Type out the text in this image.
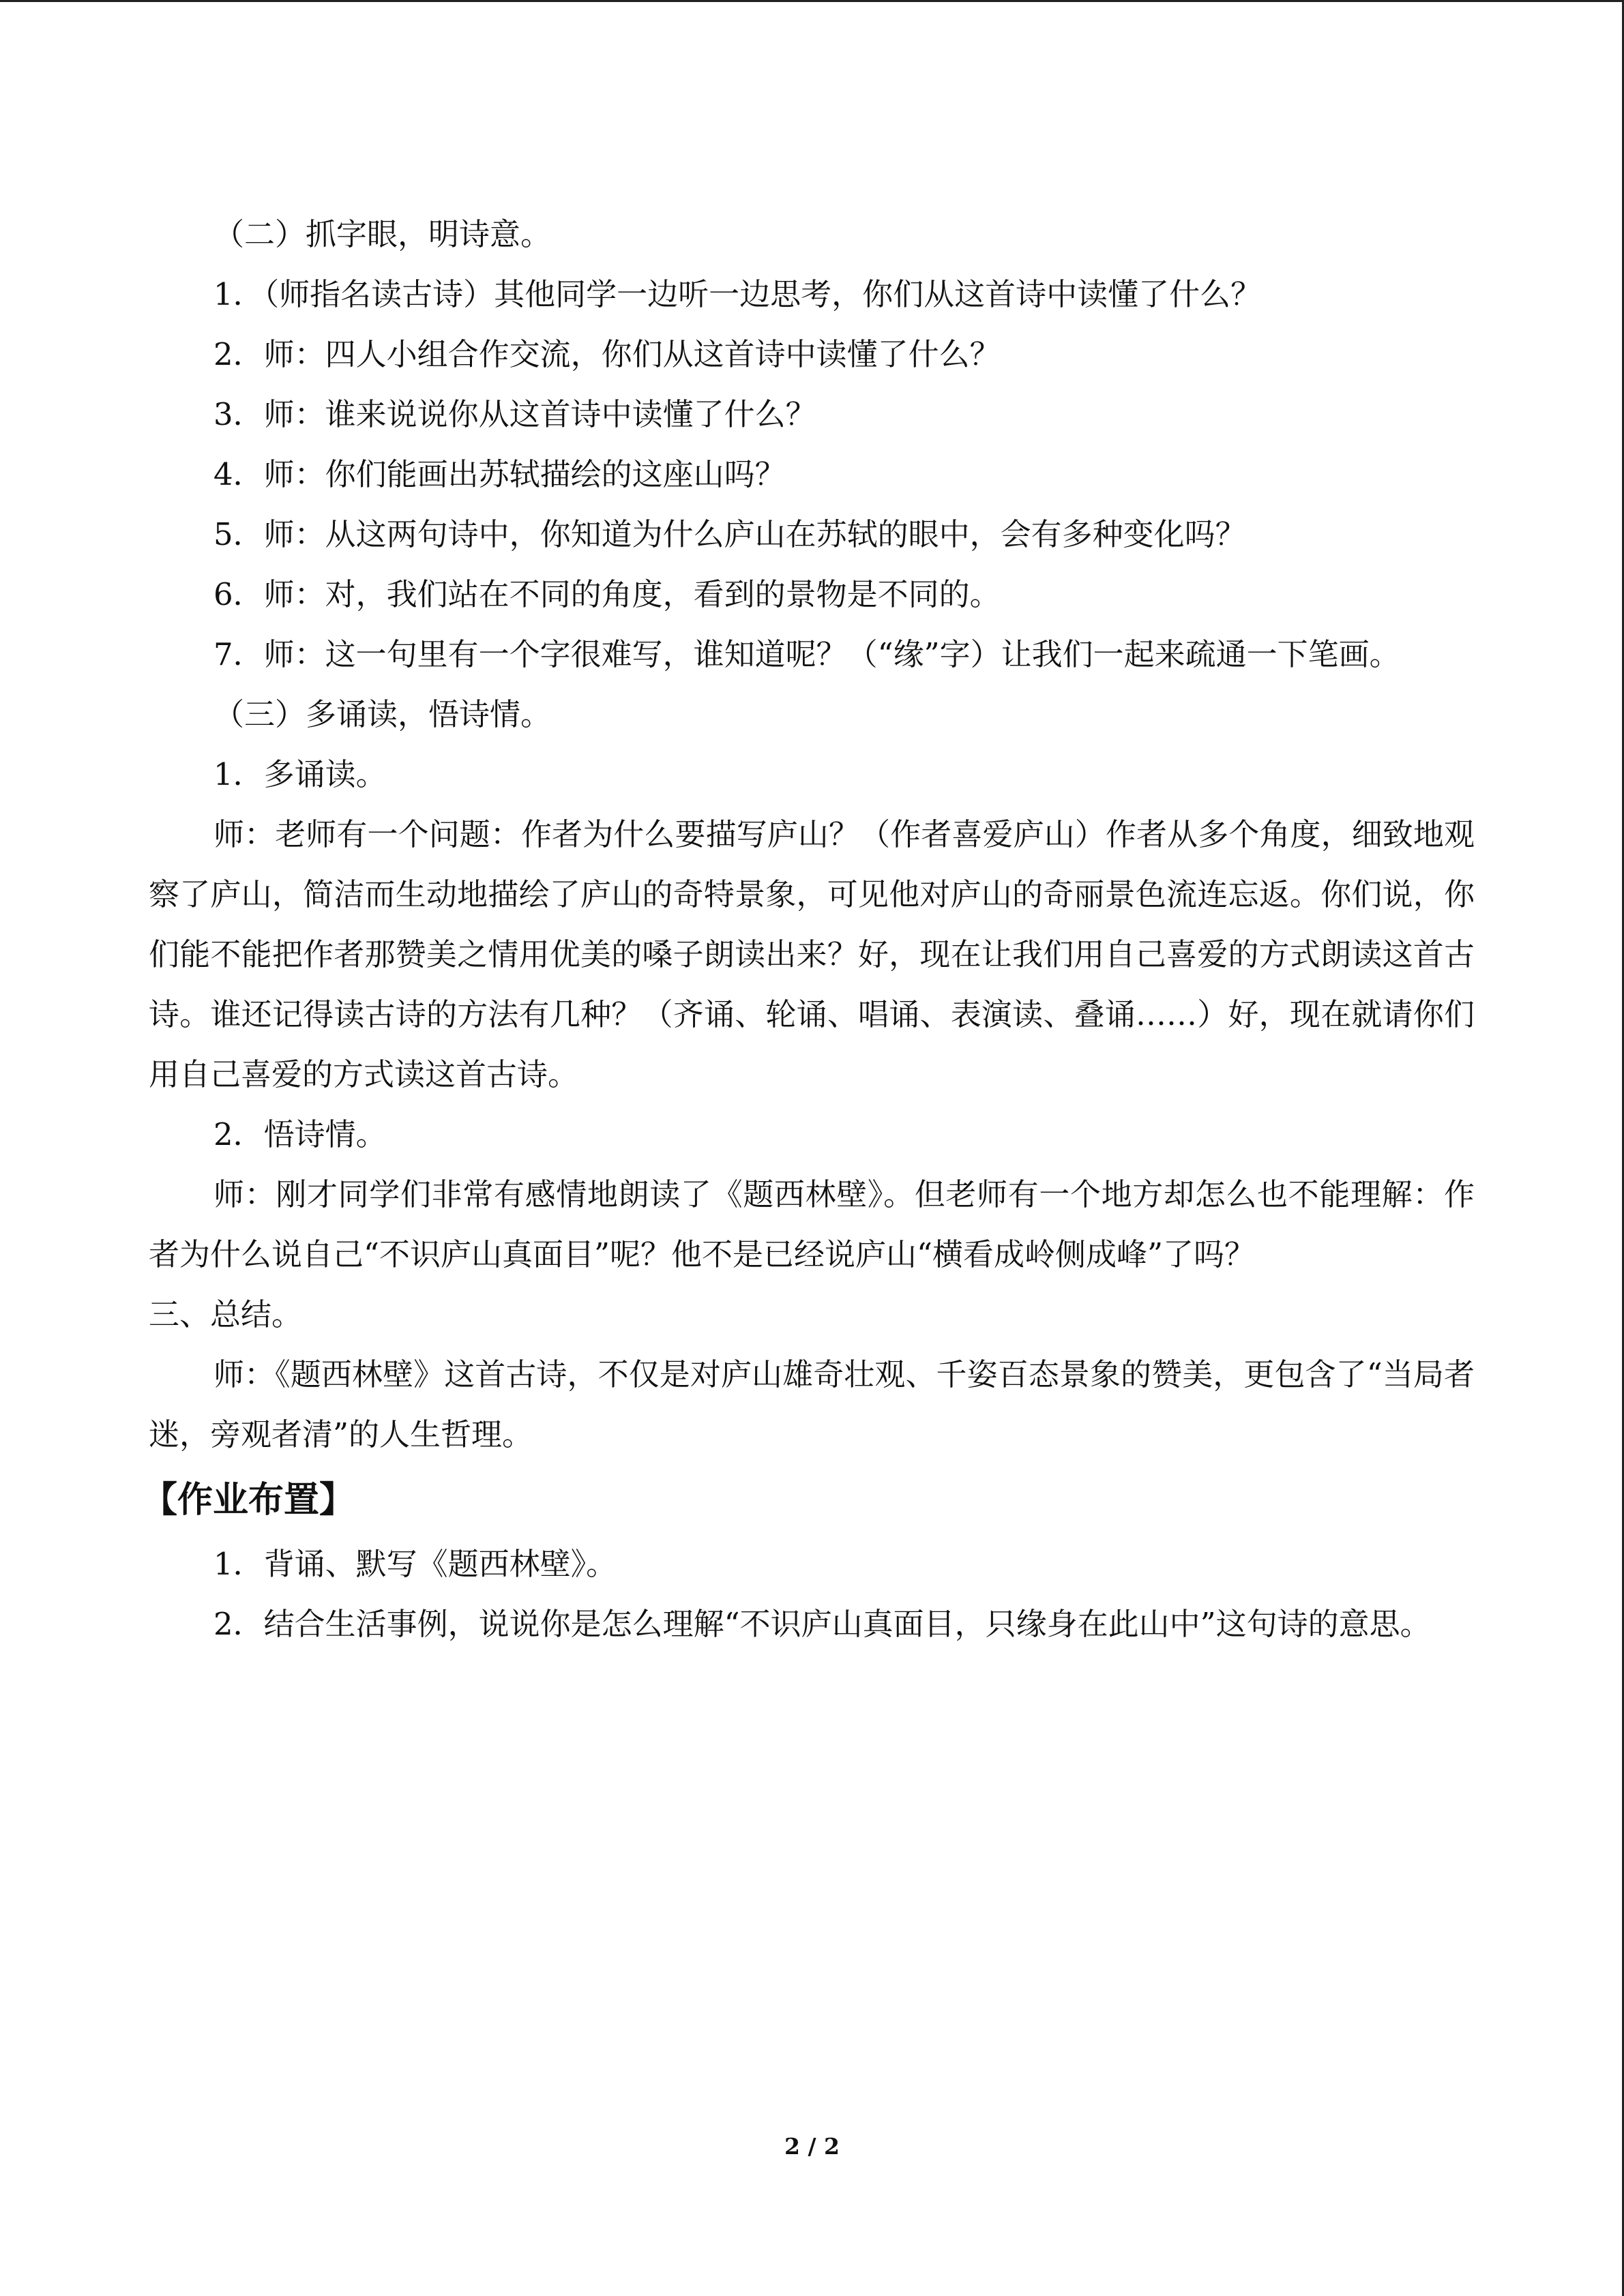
（二）抓字眼，明诗意。

1．（师指名读古诗）其他同学一边听一边思考，你们从这首诗中读懂了什么？

2．师：四人小组合作交流，你们从这首诗中读懂了什么？

3．师：谁来说说你从这首诗中读懂了什么？

4．师：你们能画出苏轼描绘的这座山吗？

5．师：从这两句诗中，你知道为什么庐山在苏轼的眼中，会有多种变化吗？

6．师：对，我们站在不同的角度，看到的景物是不同的。

7．师：这一句里有一个字很难写，谁知道呢？（“缘”字）让我们一起来疏通一下笔画。

（三）多诵读，悟诗情。

1．多诵读。

师：老师有一个问题：作者为什么要描写庐山？（作者喜爱庐山）作者从多个角度，细致地观察了庐山，简洁而生动地描绘了庐山的奇特景象，可见他对庐山的奇丽景色流连忘返。你们说，你们能不能把作者那赞美之情用优美的嗓子朗读出来？好，现在让我们用自己喜爱的方式朗读这首古诗。谁还记得读古诗的方法有几种？（齐诵、轮诵、唱诵、表演读、叠诵……）好，现在就请你们用自己喜爱的方式读这首古诗。

2．悟诗情。

师：刚才同学们非常有感情地朗读了《题西林壁》。但老师有一个地方却怎么也不能理解：作者为什么说自己“不识庐山真面目”呢？他不是已经说庐山“横看成岭侧成峰”了吗？

三、总结。

师：《题西林壁》这首古诗，不仅是对庐山雄奇壮观、千姿百态景象的赞美，更包含了“当局者迷，旁观者清”的人生哲理。

【作业布置】

1．背诵、默写《题西林壁》。

2．结合生活事例，说说你是怎么理解“不识庐山真面目，只缘身在此山中”这句诗的意思。

2 / 2
